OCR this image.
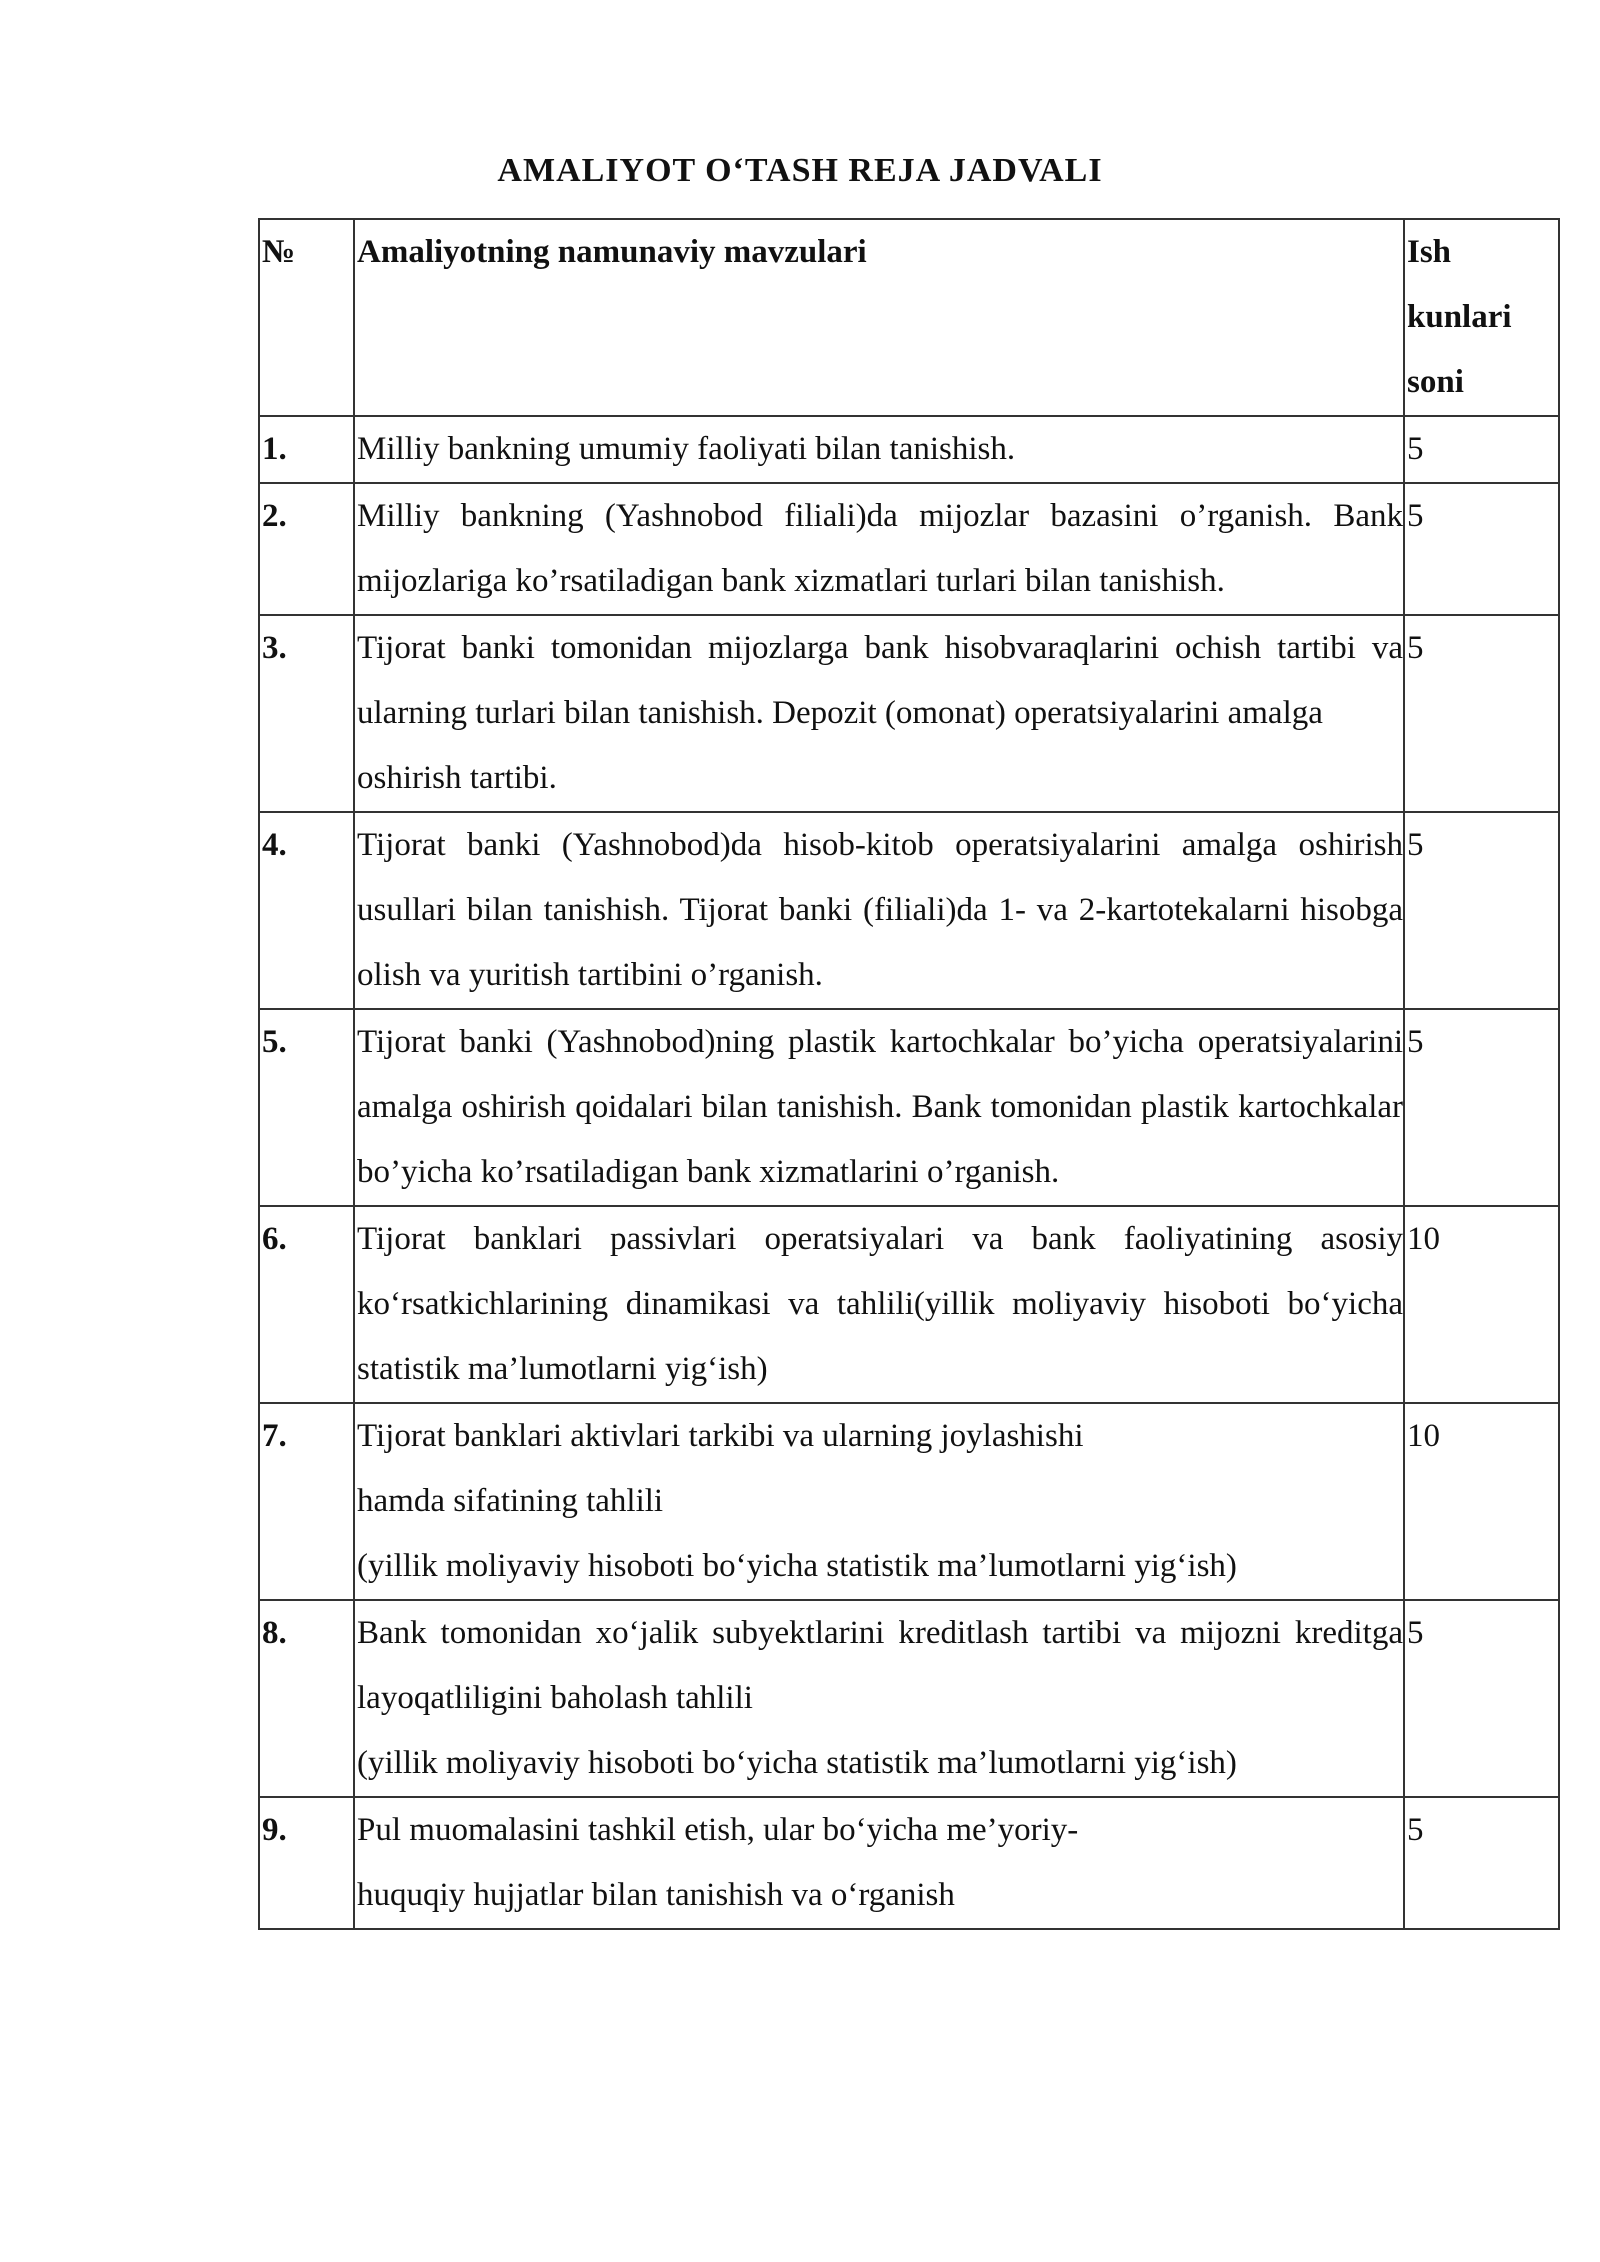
AMALIYOT O‘TASH REJA JADVALI
№	Amaliyotning namunaviy mavzulari	Ish
kunlari
soni

1.	Milliy bankning umumiy faoliyati bilan tanishish.	5
2.	Milliy bankning (Yashnobod filiali)da mijozlar bazasini o’rganish. Bank mijozlariga ko’rsatiladigan bank xizmatlari turlari bilan tanishish.	5
3.	Tijorat banki tomonidan mijozlarga bank hisobvaraqlarini ochish tartibi va ularning turlari bilan tanishish. Depozit (omonat) operatsiyalarini amalga
oshirish tartibi.	5
4.	Tijorat banki (Yashnobod)da hisob-kitob operatsiyalarini amalga oshirish usullari bilan tanishish. Tijorat banki (filiali)da 1- va 2-kartotekalarni hisobga olish va yuritish tartibini o’rganish.	5
5.	Tijorat banki (Yashnobod)ning plastik kartochkalar bo’yicha operatsiyalarini amalga oshirish qoidalari bilan tanishish. Bank tomonidan plastik kartochkalar bo’yicha ko’rsatiladigan bank xizmatlarini o’rganish.	5
6.	Tijorat banklari passivlari operatsiyalari va bank faoliyatining asosiy ko‘rsatkichlarining dinamikasi va tahlili(yillik moliyaviy hisoboti bo‘yicha statistik ma’lumotlarni yig‘ish)	10
7.	Tijorat banklari aktivlari tarkibi va ularning joylashishi
hamda sifatining tahlili
(yillik moliyaviy hisoboti bo‘yicha statistik ma’lumotlarni yig‘ish)	10
8.	Bank tomonidan xo‘jalik subyektlarini kreditlash tartibi va mijozni kreditga layoqatliligini baholash tahlili
(yillik moliyaviy hisoboti bo‘yicha statistik ma’lumotlarni yig‘ish)	5
9.	Pul muomalasini tashkil etish, ular bo‘yicha me’yoriy-
huquqiy hujjatlar bilan tanishish va o‘rganish	5
